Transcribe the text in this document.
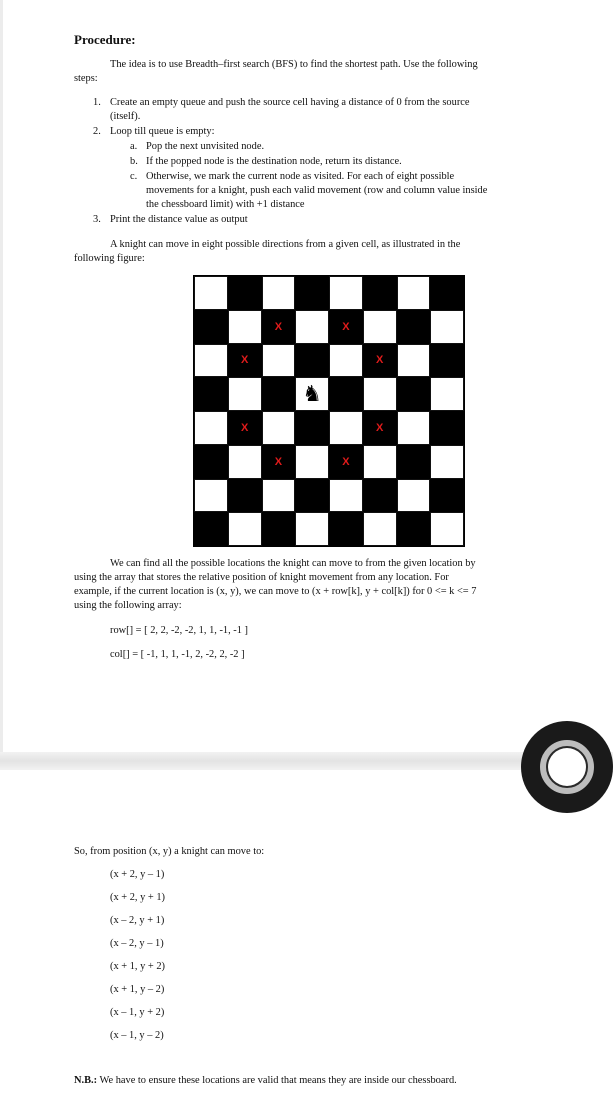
Procedure:
The idea is to use Breadth–first search (BFS) to find the shortest path. Use the following
steps:
1. Create an empty queue and push the source cell having a distance of 0 from the source
(itself).
2. Loop till queue is empty:
a. Pop the next unvisited node.
b. If the popped node is the destination node, return its distance.
c. Otherwise, we mark the current node as visited. For each of eight possible
movements for a knight, push each valid movement (row and column value inside
the chessboard limit) with +1 distance
3. Print the distance value as output
A knight can move in eight possible directions from a given cell, as illustrated in the
following figure:
X	X
X	X
♞
X	X
X	X
We can find all the possible locations the knight can move to from the given location by
using the array that stores the relative position of knight movement from any location. For
example, if the current location is (x, y), we can move to (x + row[k], y + col[k]) for 0 <= k <= 7
using the following array:
row[] = [ 2, 2, -2, -2, 1, 1, -1, -1 ]
col[] = [ -1, 1, 1, -1, 2, -2, 2, -2 ]
So, from position (x, y) a knight can move to:
(x + 2, y – 1)
(x + 2, y + 1)
(x – 2, y + 1)
(x – 2, y – 1)
(x + 1, y + 2)
(x + 1, y – 2)
(x – 1, y + 2)
(x – 1, y – 2)
N.B.: We have to ensure these locations are valid that means they are inside our chessboard.
